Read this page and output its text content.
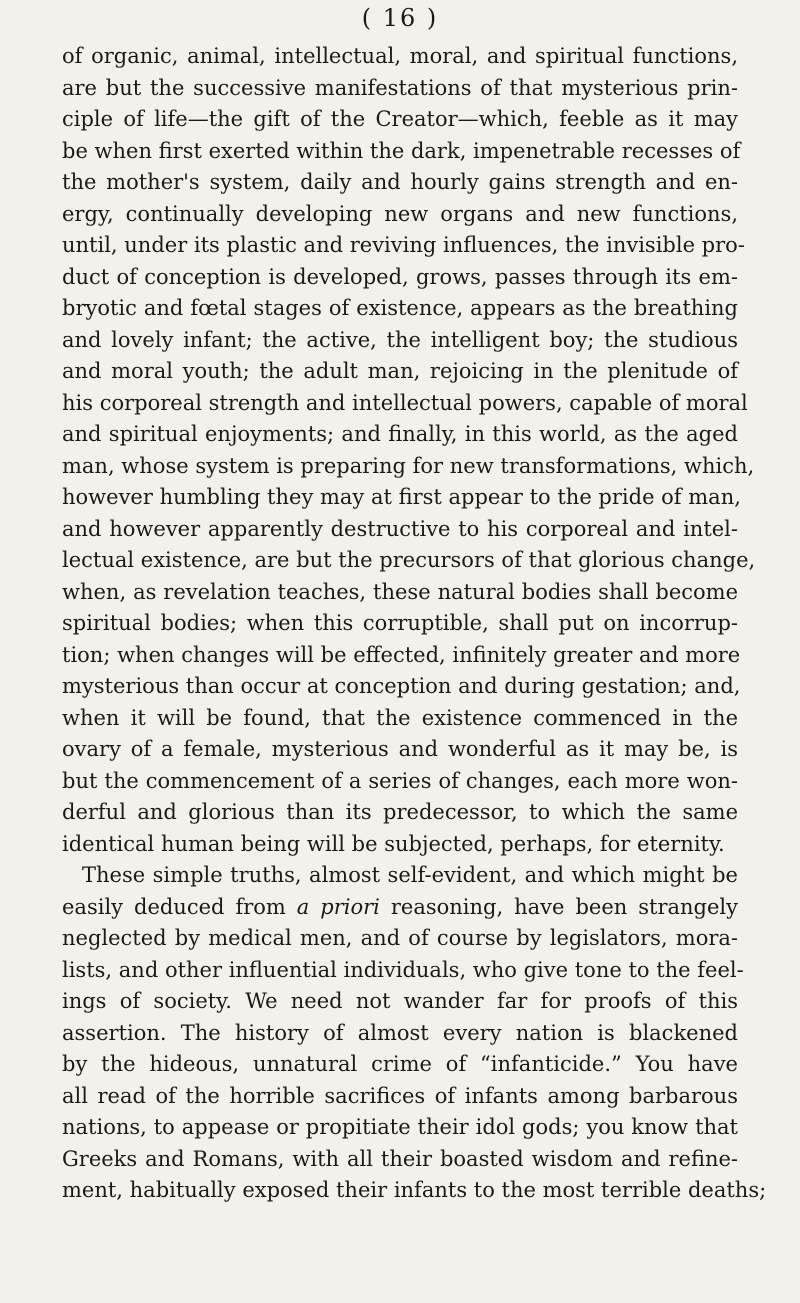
( 16 )
of organic, animal, intellectual, moral, and spiritual functions,
are but the successive manifestations of that mysterious prin-
ciple of life—the gift of the Creator—which, feeble as it may
be when first exerted within the dark, impenetrable recesses of
the mother's system, daily and hourly gains strength and en-
ergy, continually developing new organs and new functions,
until, under its plastic and reviving influences, the invisible pro-
duct of conception is developed, grows, passes through its em-
bryotic and fœtal stages of existence, appears as the breathing
and lovely infant; the active, the intelligent boy; the studious
and moral youth; the adult man, rejoicing in the plenitude of
his corporeal strength and intellectual powers, capable of moral
and spiritual enjoyments; and finally, in this world, as the aged
man, whose system is preparing for new transformations, which,
however humbling they may at first appear to the pride of man,
and however apparently destructive to his corporeal and intel-
lectual existence, are but the precursors of that glorious change,
when, as revelation teaches, these natural bodies shall become
spiritual bodies; when this corruptible, shall put on incorrup-
tion; when changes will be effected, infinitely greater and more
mysterious than occur at conception and during gestation; and,
when it will be found, that the existence commenced in the
ovary of a female, mysterious and wonderful as it may be, is
but the commencement of a series of changes, each more won-
derful and glorious than its predecessor, to which the same
identical human being will be subjected, perhaps, for eternity.
These simple truths, almost self-evident, and which might be
easily deduced from a priori reasoning, have been strangely
neglected by medical men, and of course by legislators, mora-
lists, and other influential individuals, who give tone to the feel-
ings of society. We need not wander far for proofs of this
assertion. The history of almost every nation is blackened
by the hideous, unnatural crime of “infanticide.” You have
all read of the horrible sacrifices of infants among barbarous
nations, to appease or propitiate their idol gods; you know that
Greeks and Romans, with all their boasted wisdom and refine-
ment, habitually exposed their infants to the most terrible deaths;
